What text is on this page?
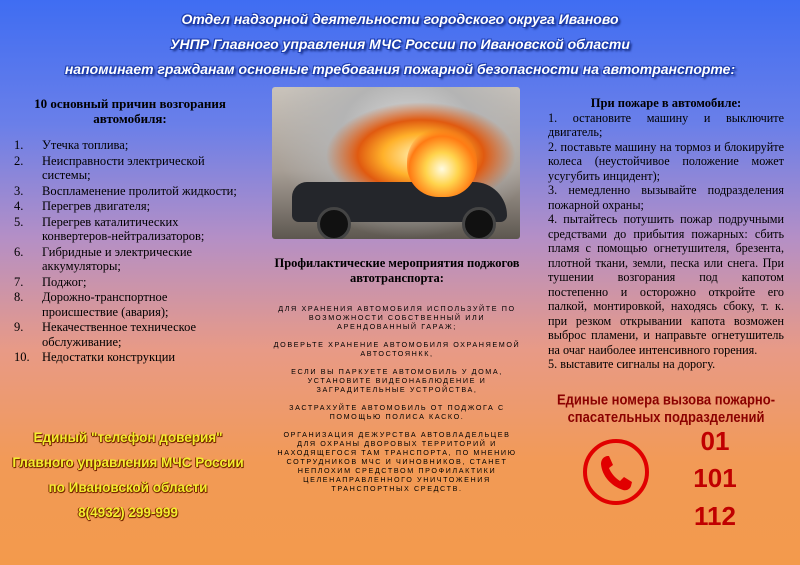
Отдел надзорной деятельности городского округа Иваново
УНПР Главного управления МЧС России по Ивановской области
напоминает гражданам основные требования пожарной безопасности на автотранспорте:
10 основный причин возгорания автомобиля:
1.	Утечка топлива;
2.	Неисправности электрической системы;
3.	Воспламенение пролитой жидкости;
4.	Перегрев двигателя;
5.	Перегрев каталитических конвертеров-нейтрализаторов;
6.	Гибридные и электрические аккумуляторы;
7.	Поджог;
8.	Дорожно-транспортное происшествие (авария);
9.	Некачественное техническое обслуживание;
10. Недостатки конструкции
Единый "телефон доверия"
Главного управления МЧС России
по Ивановской области
8(4932) 299-999
Профилактические мероприятия поджогов автотранспорта:

ДЛЯ ХРАНЕНИЯ АВТОМОБИЛЯ ИСПОЛЬЗУЙТЕ ПО ВОЗМОЖНОСТИ СОБСТВЕННЫЙ ИЛИ АРЕНДОВАННЫЙ ГАРАЖ;

ДОВЕРЬТЕ ХРАНЕНИЕ АВТОМОБИЛЯ ОХРАНЯЕМОЙ АВТОСТОЯНКК,

ЕСЛИ ВЫ ПАРКУЕТЕ АВТОМОБИЛЬ У ДОМА, УСТАНОВИТЕ ВИДЕОНАБЛЮДЕНИЕ И ЗАГРАДИТЕЛЬНЫЕ УСТРОЙСТВА,

ЗАСТРАХУЙТЕ АВТОМОБИЛЬ ОТ ПОДЖОГА С ПОМОЩЬЮ ПОЛИСА КАСКО.

ОРГАНИЗАЦИЯ ДЕЖУРСТВА АВТОВЛАДЕЛЬЦЕВ ДЛЯ ОХРАНЫ ДВОРОВЫХ ТЕРРИТОРИЙ И НАХОДЯЩЕГОСЯ ТАМ ТРАНСПОРТА, ПО МНЕНИЮ СОТРУДНИКОВ МЧС И ЧИНОВНИКОВ, СТАНЕТ НЕПЛОХИМ СРЕДСТВОМ ПРОФИЛАКТИКИ ЦЕЛЕНАПРАВЛЕННОГО УНИЧТОЖЕНИЯ ТРАНСПОРТНЫХ СРЕДСТВ.

При пожаре в автомобиле:

1. остановите машину и выключите двигатель;

2. поставьте машину на тормоз и блокируйте колеса (неустойчивое положение может усугубить инцидент);

3. немедленно вызывайте подразделения пожарной охраны;

4. пытайтесь потушить пожар подручными средствами до прибытия пожарных: сбить пламя с помощью огнетушителя, брезента, плотной ткани, земли, песка или снега. При тушении возгорания под капотом постепенно и осторожно откройте его палкой, монтировкой, находясь сбоку, т. к. при резком открывании капота возможен выброс пламени, и направьте огнетушитель на очаг наиболее интенсивного горения.

5. выставите сигналы на дорогу.

Единые номера вызова пожарно-спасательных подразделений
01
101
112
